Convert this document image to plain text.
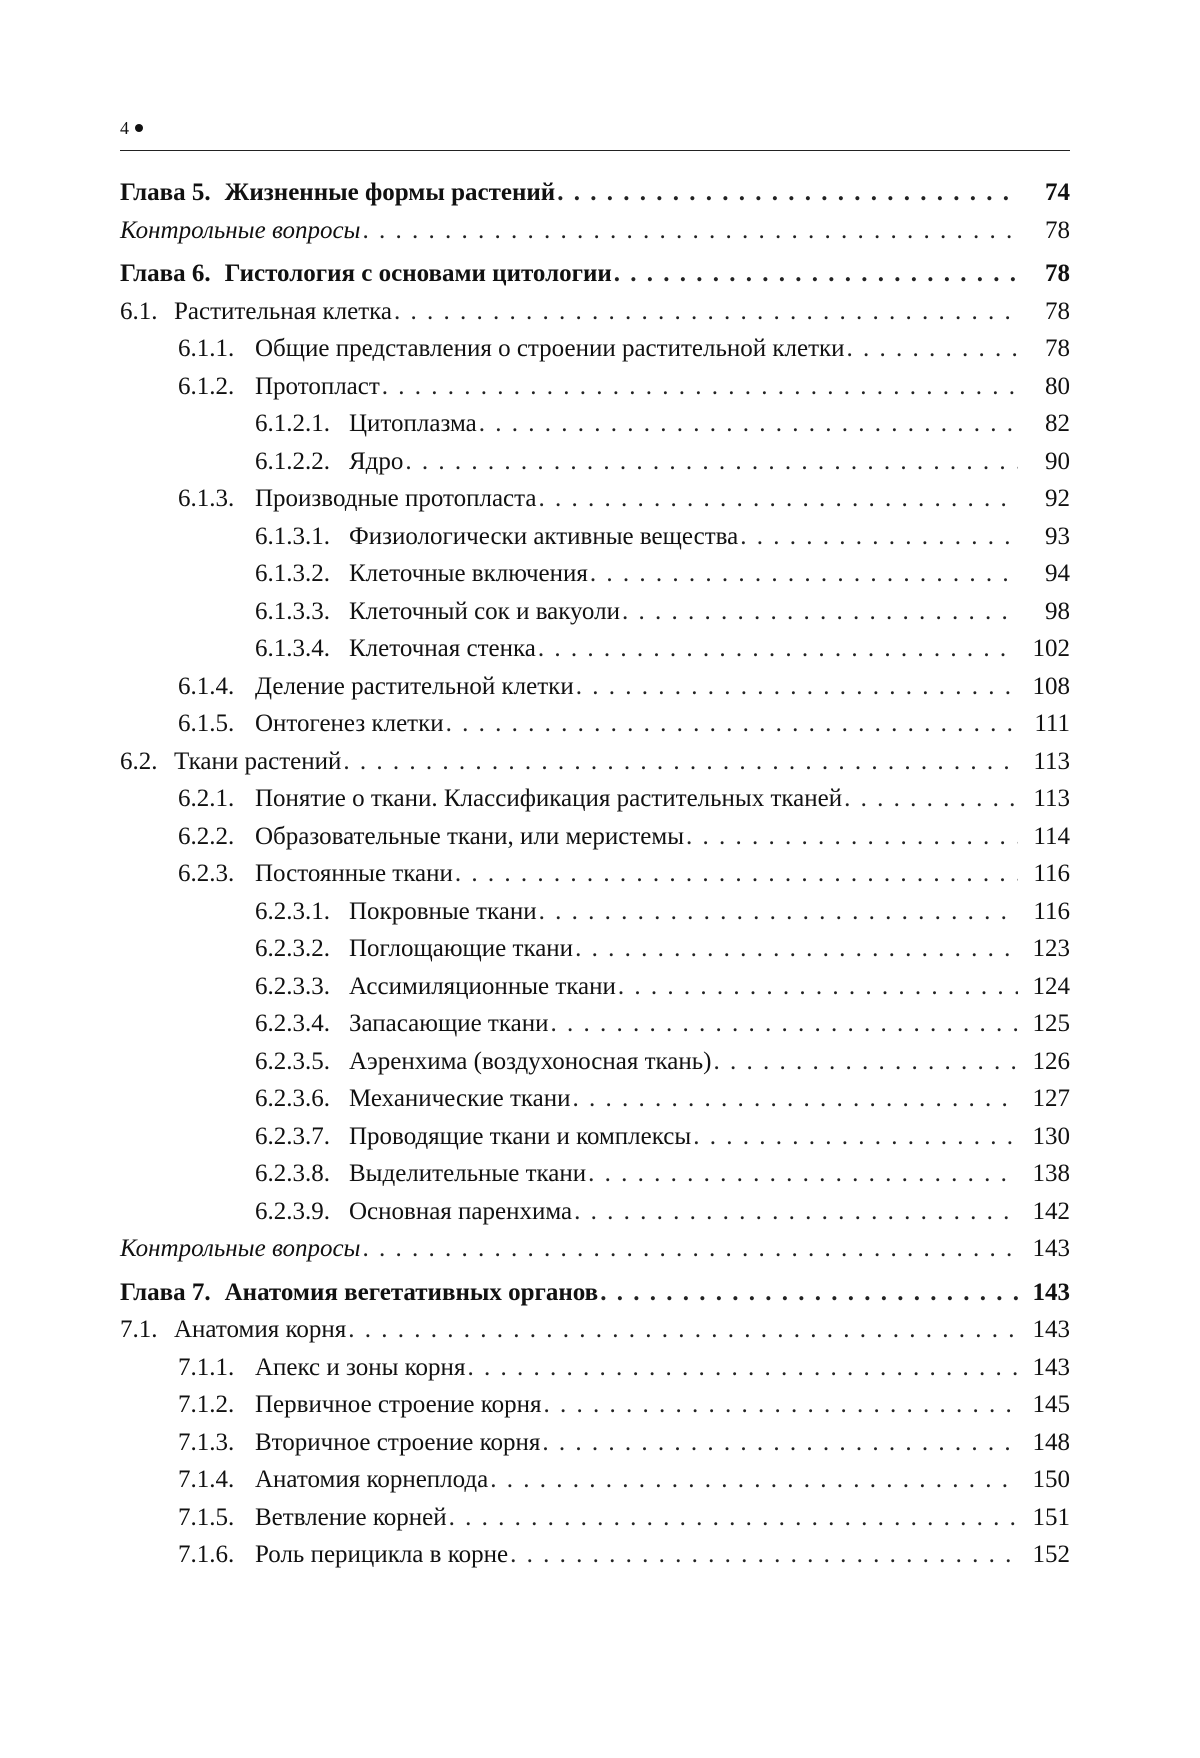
4
Глава 5. Жизненные формы растений
. . .	74
Контрольные вопросы
. . .	78
Глава 6. Гистология с основами цитологии
. . .	78
6.1. Растительная клетка
. . .	78
6.1.1. Общие представления о строении растительной клетки
. . .	78
6.1.2. Протопласт
. . .	80
6.1.2.1. Цитоплазма
. . .	82
6.1.2.2. Ядро
. . .	90
6.1.3. Производные протопласта
. . .	92
6.1.3.1. Физиологически активные вещества
. . .	93
6.1.3.2. Клеточные включения
. . .	94
6.1.3.3. Клеточный сок и вакуоли
. . .	98
6.1.3.4. Клеточная стенка
. . .	102
6.1.4. Деление растительной клетки
. . .	108
6.1.5. Онтогенез клетки
. . .	111
6.2. Ткани растений
. . .	113
6.2.1. Понятие о ткани. Классификация растительных тканей
. . .	113
6.2.2. Образовательные ткани, или меристемы
. . .	114
6.2.3. Постоянные ткани
. . .	116
6.2.3.1. Покровные ткани
. . .	116
6.2.3.2. Поглощающие ткани
. . .	123
6.2.3.3. Ассимиляционные ткани
. . .	124
6.2.3.4. Запасающие ткани
. . .	125
6.2.3.5. Аэренхима (воздухоносная ткань)
. . .	126
6.2.3.6. Механические ткани
. . .	127
6.2.3.7. Проводящие ткани и комплексы
. . .	130
6.2.3.8. Выделительные ткани
. . .	138
6.2.3.9. Основная паренхима
. . .	142
Контрольные вопросы
. . .	143
Глава 7. Анатомия вегетативных органов
. . .	143
7.1. Анатомия корня
. . .	143
7.1.1. Апекс и зоны корня
. . .	143
7.1.2. Первичное строение корня
. . .	145
7.1.3. Вторичное строение корня
. . .	148
7.1.4. Анатомия корнеплода
. . .	150
7.1.5. Ветвление корней
. . .	151
7.1.6. Роль перицикла в корне
. . .	152
